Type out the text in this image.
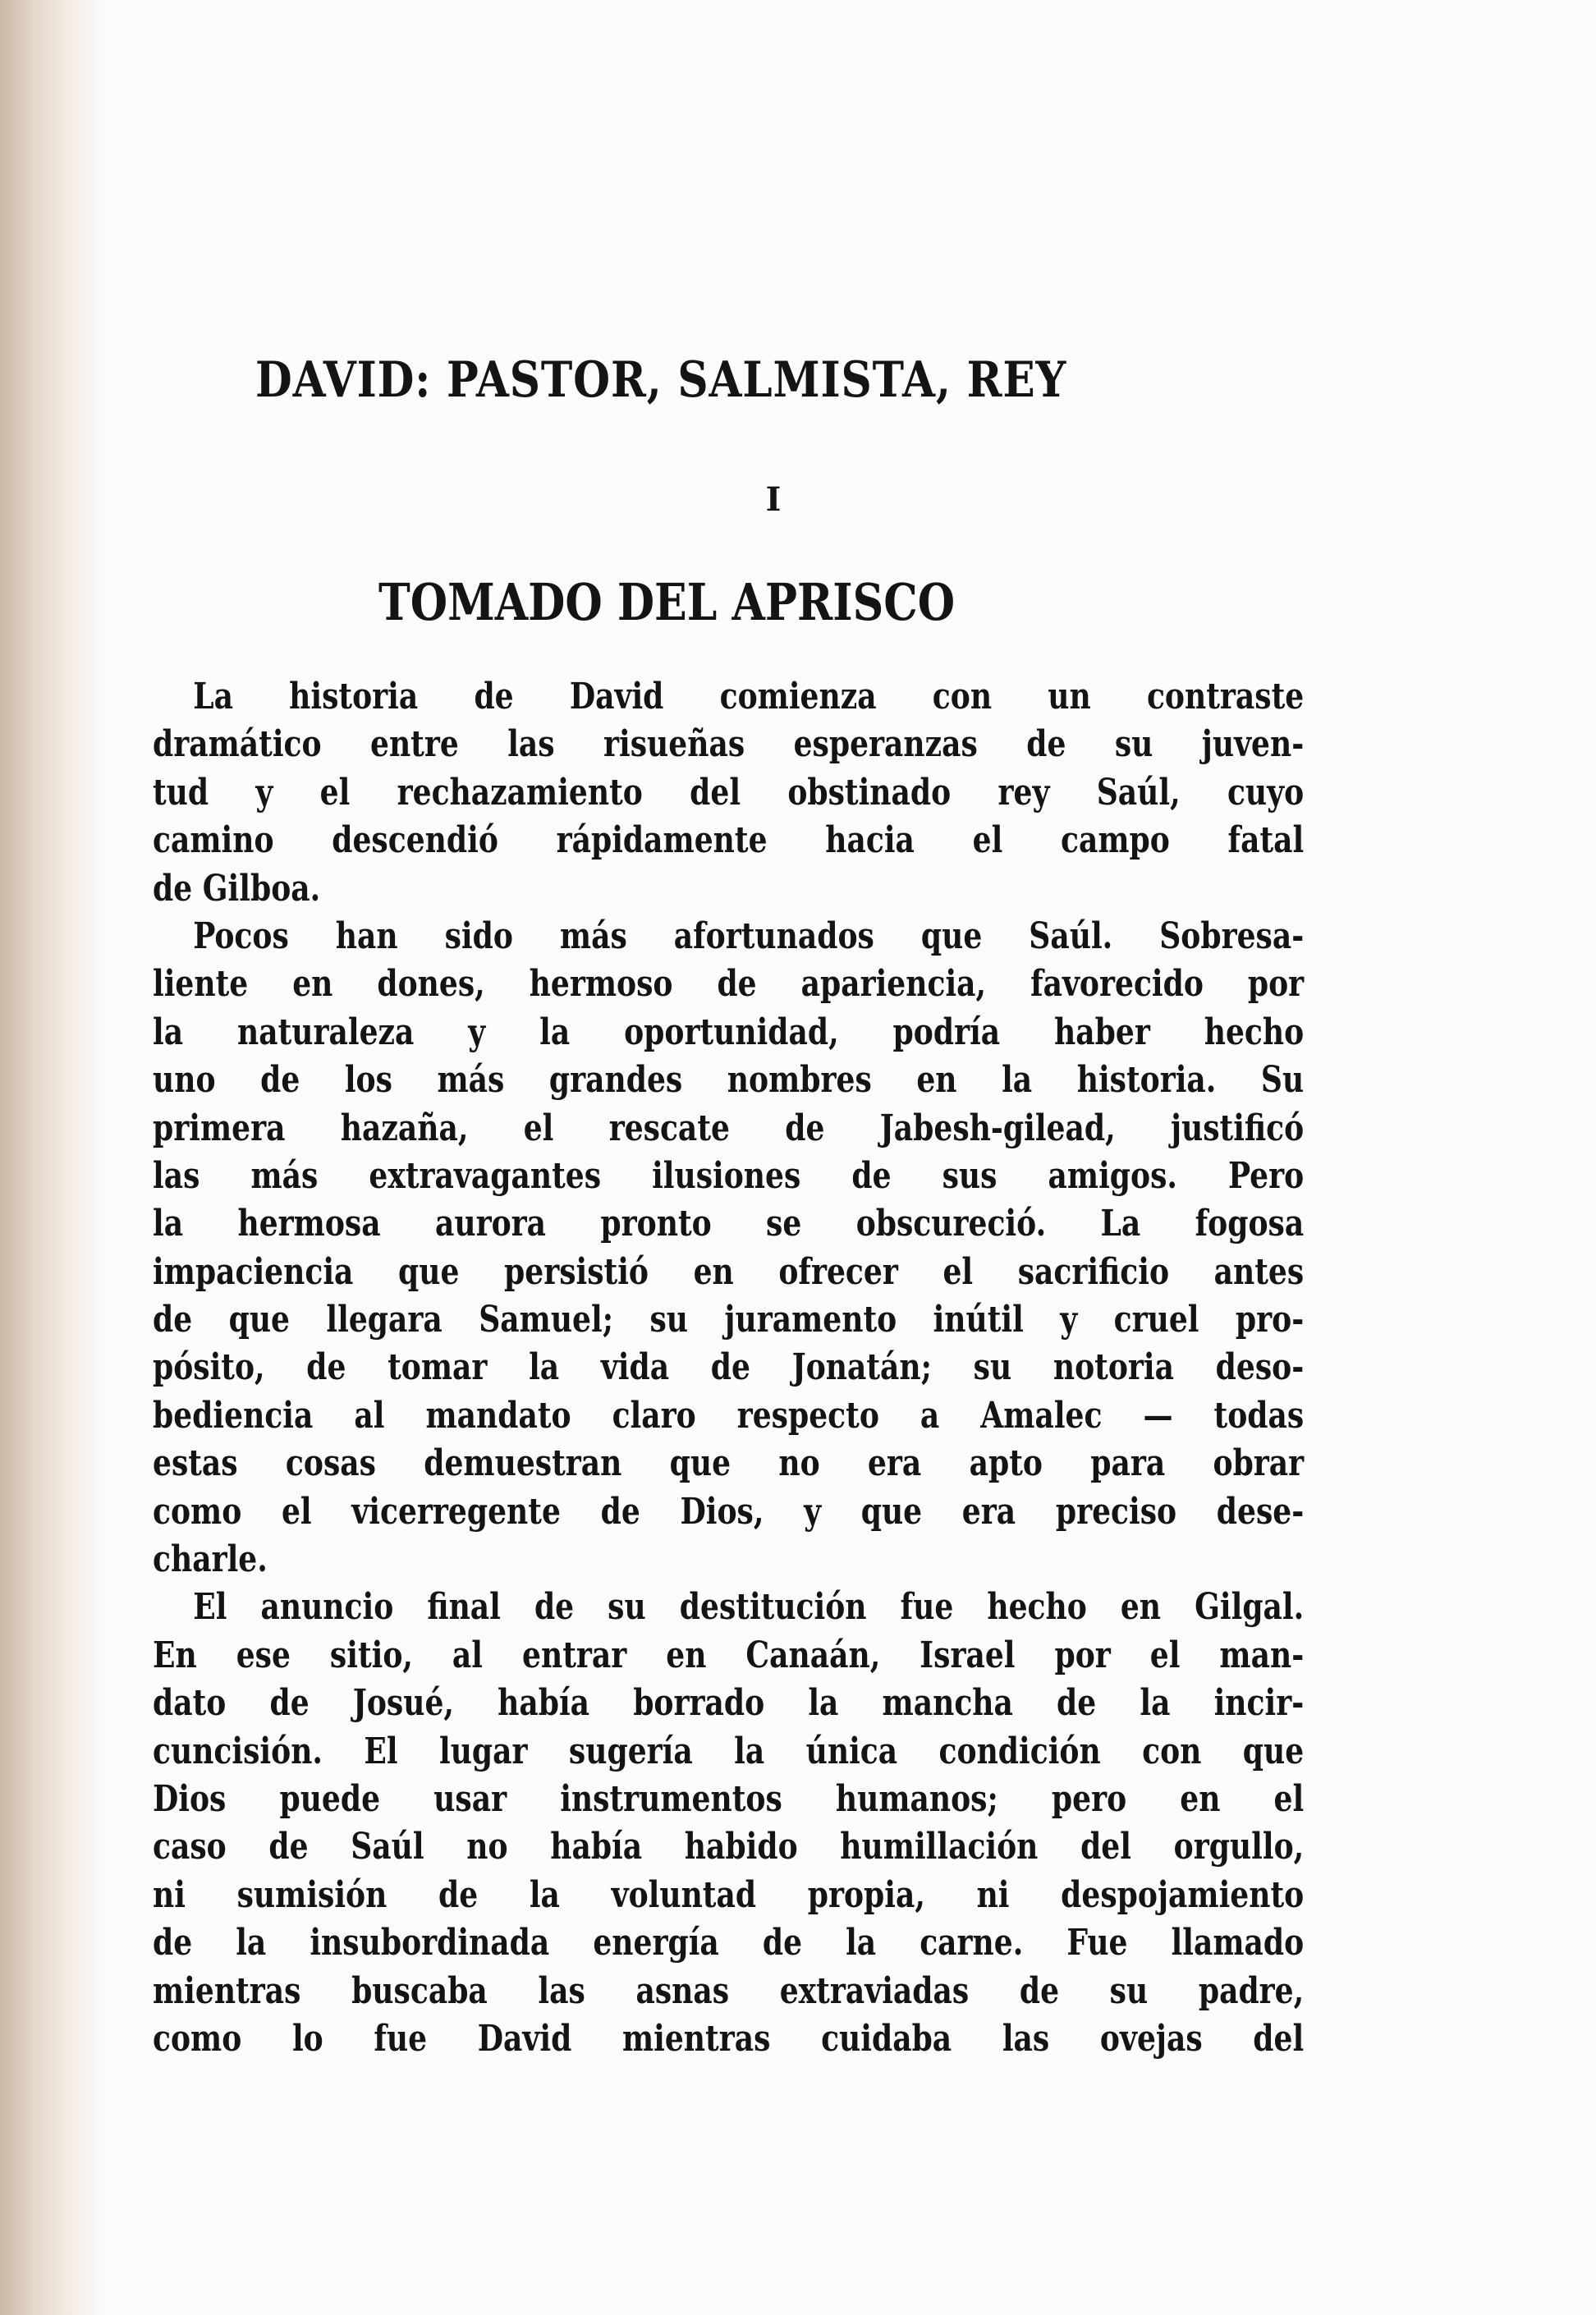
DAVID: PASTOR, SALMISTA, REY
I
TOMADO DEL APRISCO
La historia de David comienza con un contraste
dramático entre las risueñas esperanzas de su juven-
tud y el rechazamiento del obstinado rey Saúl, cuyo
camino descendió rápidamente hacia el campo fatal
de Gilboa.
Pocos han sido más afortunados que Saúl. Sobresa-
liente en dones, hermoso de apariencia, favorecido por
la naturaleza y la oportunidad, podría haber hecho
uno de los más grandes nombres en la historia. Su
primera hazaña, el rescate de Jabesh-gilead, justificó
las más extravagantes ilusiones de sus amigos. Pero
la hermosa aurora pronto se obscureció. La fogosa
impaciencia que persistió en ofrecer el sacrificio antes
de que llegara Samuel; su juramento inútil y cruel pro-
pósito, de tomar la vida de Jonatán; su notoria deso-
bediencia al mandato claro respecto a Amalec — todas
estas cosas demuestran que no era apto para obrar
como el vicerregente de Dios, y que era preciso dese-
charle.
El anuncio final de su destitución fue hecho en Gilgal.
En ese sitio, al entrar en Canaán, Israel por el man-
dato de Josué, había borrado la mancha de la incir-
cuncisión. El lugar sugería la única condición con que
Dios puede usar instrumentos humanos; pero en el
caso de Saúl no había habido humillación del orgullo,
ni sumisión de la voluntad propia, ni despojamiento
de la insubordinada energía de la carne. Fue llamado
mientras buscaba las asnas extraviadas de su padre,
como lo fue David mientras cuidaba las ovejas del
